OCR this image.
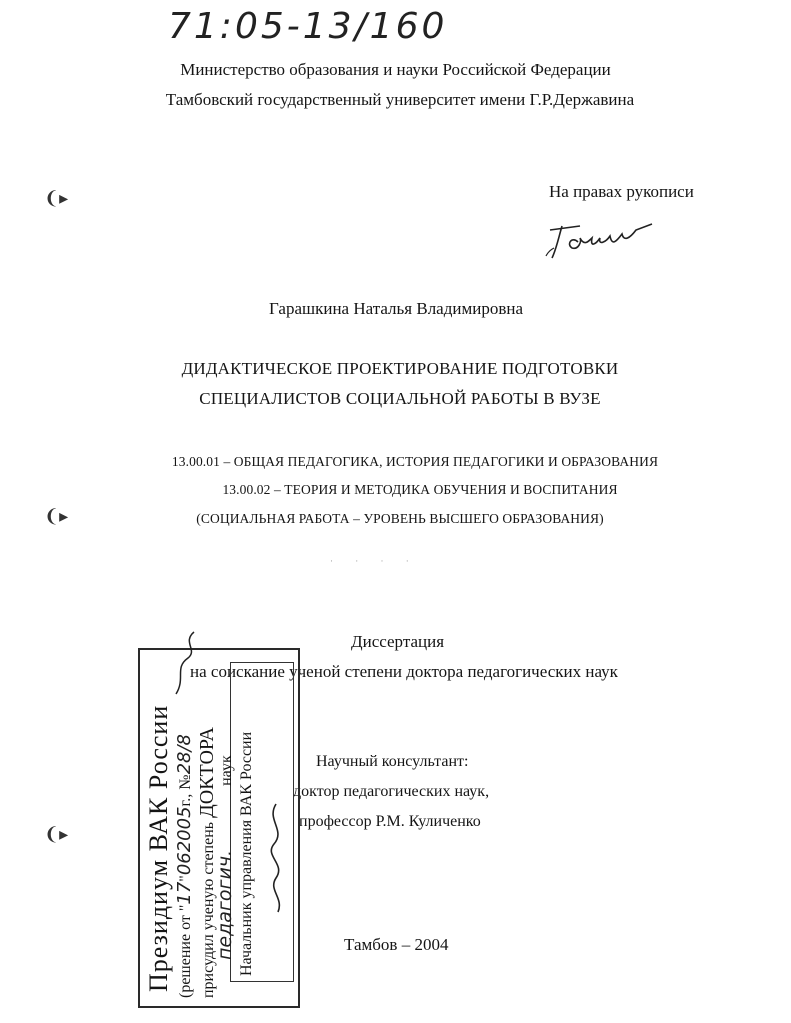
71:05-13/160
Министерство образования и науки Российской Федерации
Тамбовский государственный университет имени Г.Р.Державина
❨▸
❨▸
❨▸
На правах рукописи
Гарашкина Наталья Владимировна
ДИДАКТИЧЕСКОЕ ПРОЕКТИРОВАНИЕ ПОДГОТОВКИ
СПЕЦИАЛИСТОВ СОЦИАЛЬНОЙ РАБОТЫ В ВУЗЕ
13.00.01 – ОБЩАЯ ПЕДАГОГИКА, ИСТОРИЯ ПЕДАГОГИКИ И ОБРАЗОВАНИЯ
13.00.02 – ТЕОРИЯ И МЕТОДИКА ОБУЧЕНИЯ И ВОСПИТАНИЯ
(СОЦИАЛЬНАЯ РАБОТА – УРОВЕНЬ ВЫСШЕГО ОБРАЗОВАНИЯ)
Диссертация
на соискание ученой степени доктора педагогических наук
Научный консультант:
доктор педагогических наук,
профессор Р.М. Куличенко
Тамбов – 2004
Президиум ВАК России (решение от "17"062005г., №28/8
присудил ученую степень ДОКТОРА
педагогич.наук Начальник управления ВАК России
· · · ·
